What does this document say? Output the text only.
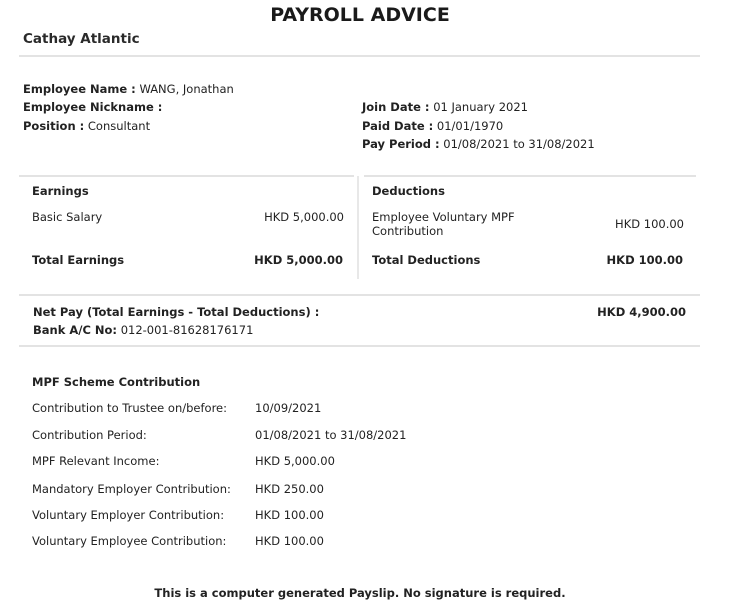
PAYROLL ADVICE
Cathay Atlantic
Employee Name : WANG, Jonathan
Employee Nickname :
Position : Consultant
Join Date : 01 January 2021
Paid Date : 01/01/1970
Pay Period : 01/08/2021 to 31/08/2021
Earnings
Basic Salary	HKD 5,000.00
Total Earnings	HKD 5,000.00
Deductions
Employee Voluntary MPF
Contribution	HKD 100.00
Total Deductions	HKD 100.00
Net Pay (Total Earnings - Total Deductions) :	HKD 4,900.00
Bank A/C No: 012-001-81628176171
MPF Scheme Contribution
Contribution to Trustee on/before: 10/09/2021
Contribution Period:	01/08/2021 to 31/08/2021
MPF Relevant Income:	HKD 5,000.00
Mandatory Employer Contribution: HKD 250.00
Voluntary Employer Contribution:	HKD 100.00
Voluntary Employee Contribution: HKD 100.00
This is a computer generated Payslip. No signature is required.
